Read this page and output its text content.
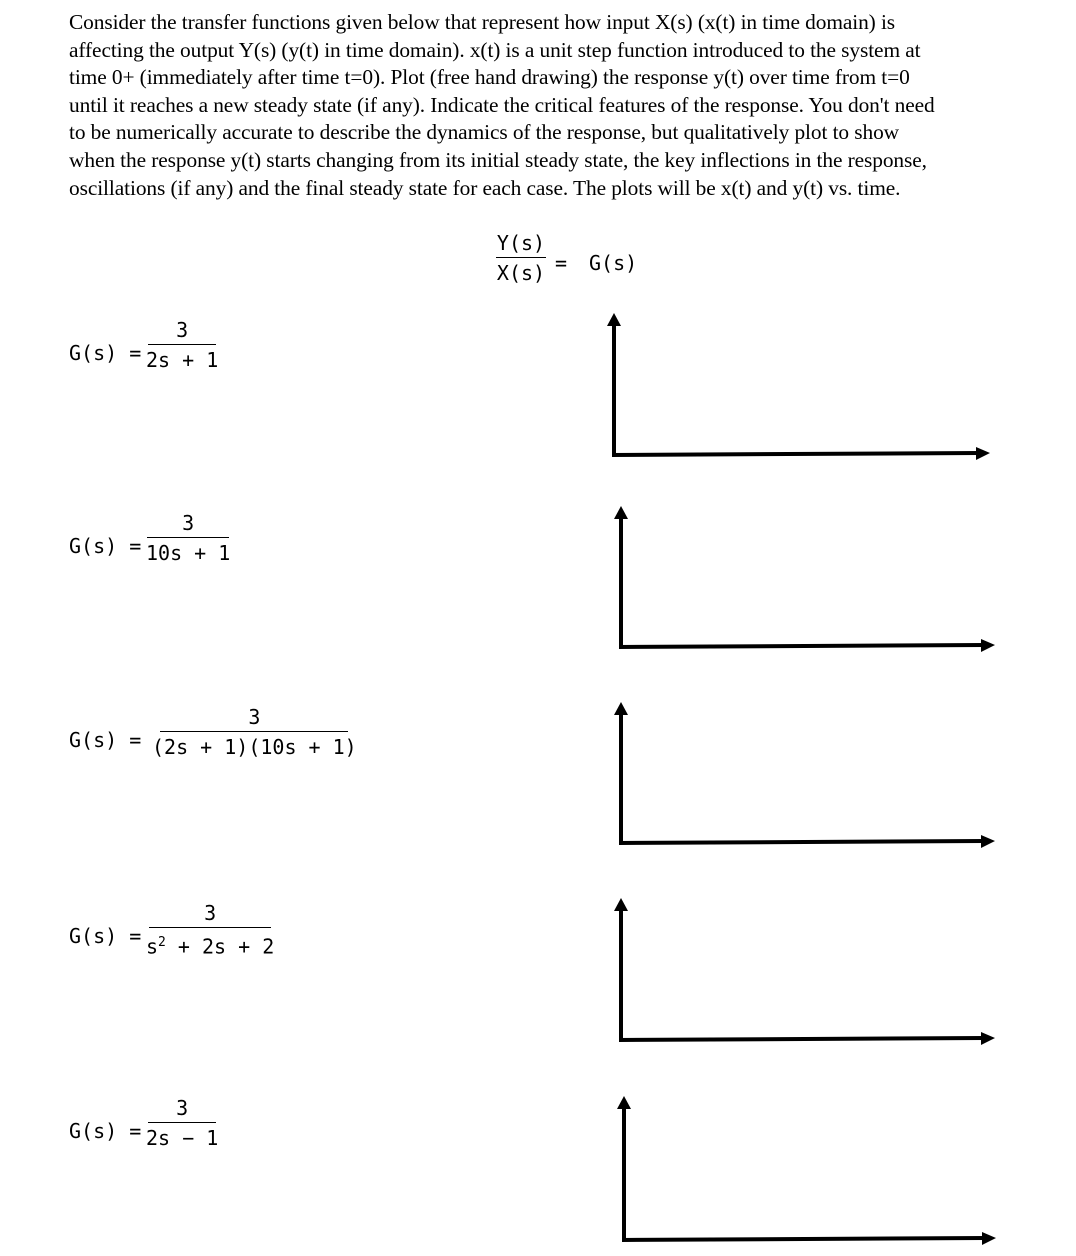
Consider the transfer functions given below that represent how input X(s) (x(t) in time domain) is
affecting the output Y(s) (y(t) in time domain). x(t) is a unit step function introduced to the system at
time 0+ (immediately after time t=0). Plot (free hand drawing) the response y(t) over time from t=0
until it reaches a new steady state (if any). Indicate the critical features of the response. You don't need
to be numerically accurate to describe the dynamics of the response, but qualitatively plot to show
when the response y(t) starts changing from its initial steady state, the key inflections in the response,
oscillations (if any) and the final steady state for each case. The plots will be x(t) and y(t) vs. time.
Y(s)
X(s) = G(s)
G(s) =
3
2s + 1
G(s) =
3
10s + 1
G(s) =
3
(2s + 1)(10s + 1)
G(s) =
3
$s^2 + 2s + 2$
G(s) =
3
2s − 1
